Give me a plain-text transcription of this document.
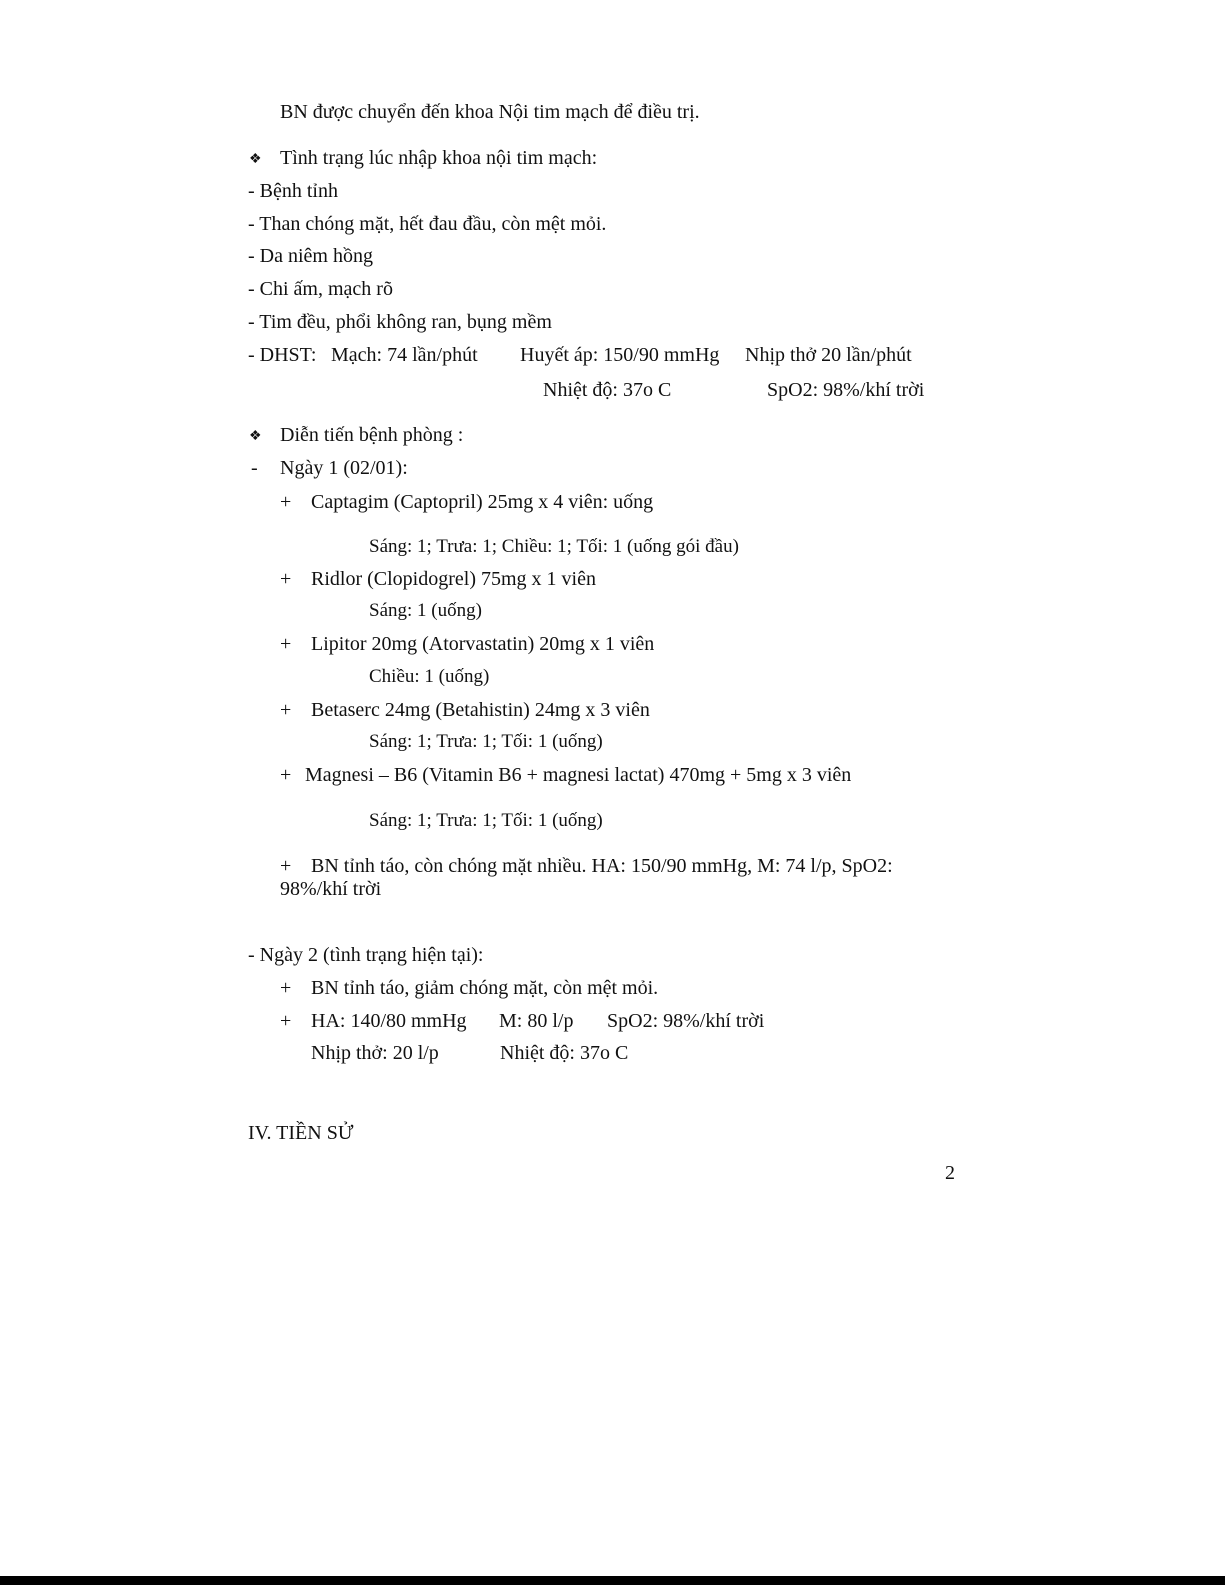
BN được chuyển đến khoa Nội tim mạch để điều trị.
❖ Tình trạng lúc nhập khoa nội tim mạch:
- Bệnh tỉnh
- Than chóng mặt, hết đau đầu, còn mệt mỏi.
- Da niêm hồng
- Chi ấm, mạch rõ
- Tim đều, phổi không ran, bụng mềm
- DHST: Mạch: 74 lần/phút Huyết áp: 150/90 mmHg Nhịp thở 20 lần/phút
Nhiệt độ: 37o C	SpO2: 98%/khí trời
❖ Diễn tiến bệnh phòng :
- Ngày 1 (02/01):
+ Captagim (Captopril) 25mg x 4 viên: uống
Sáng: 1; Trưa: 1; Chiều: 1; Tối: 1 (uống gói đầu)
+ Ridlor (Clopidogrel) 75mg x 1 viên
Sáng: 1 (uống)
+ Lipitor 20mg (Atorvastatin) 20mg x 1 viên
Chiều: 1 (uống)
+ Betaserc 24mg (Betahistin) 24mg x 3 viên
Sáng: 1; Trưa: 1; Tối: 1 (uống)
+ Magnesi – B6 (Vitamin B6 + magnesi lactat) 470mg + 5mg x 3 viên
Sáng: 1; Trưa: 1; Tối: 1 (uống)
+ BN tỉnh táo, còn chóng mặt nhiều. HA: 150/90 mmHg, M: 74 l/p, SpO2:
98%/khí trời
- Ngày 2 (tình trạng hiện tại):
+ BN tỉnh táo, giảm chóng mặt, còn mệt mỏi.
+ HA: 140/80 mmHg M: 80 l/p SpO2: 98%/khí trời
Nhịp thở: 20 l/p	Nhiệt độ: 37o C
IV. TIỀN SỬ
2
